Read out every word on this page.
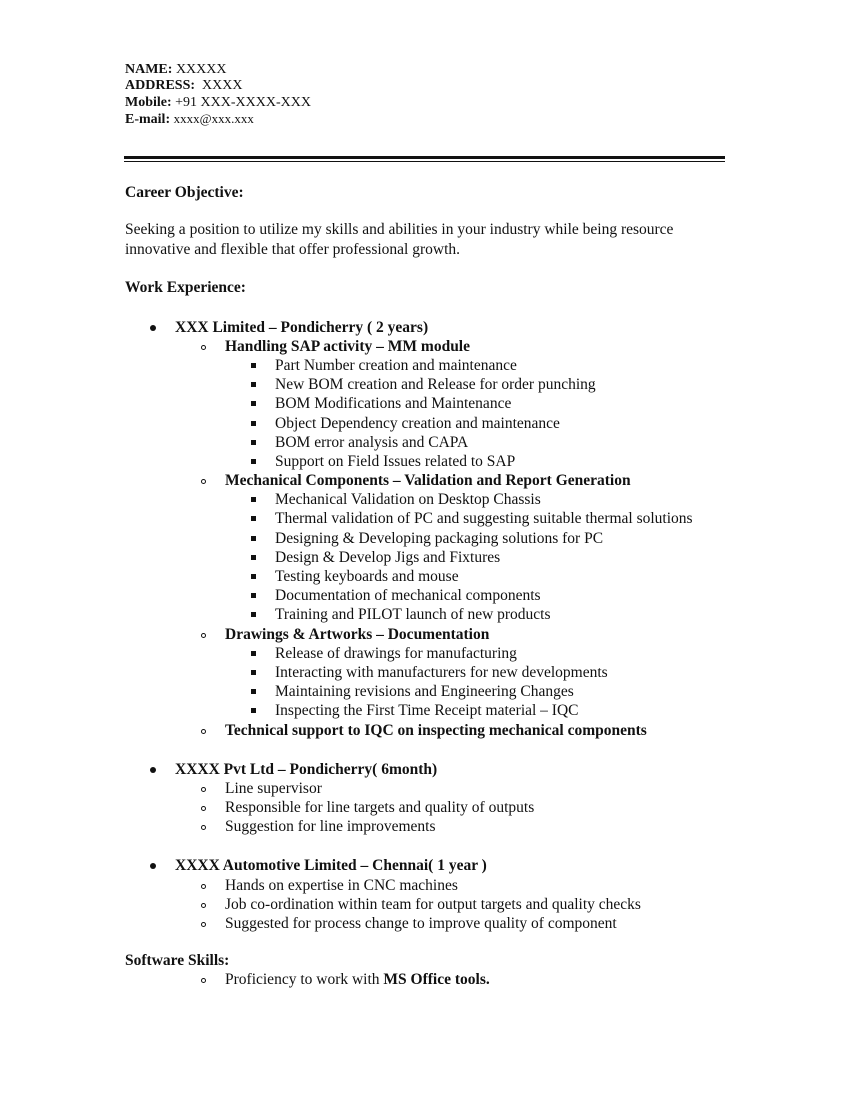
NAME: XXXXX
ADDRESS: XXXX
Mobile: +91 XXX-XXXX-XXX
E-mail: xxxx@xxx.xxx

Career Objective:

Seeking a position to utilize my skills and abilities in your industry while being resource innovative and flexible that offer professional growth.

Work Experience:

XXX Limited – Pondicherry ( 2 years)
Handling SAP activity – MM module
Part Number creation and maintenance
New BOM creation and Release for order punching
BOM Modifications and Maintenance
Object Dependency creation and maintenance
BOM error analysis and CAPA
Support on Field Issues related to SAP
Mechanical Components – Validation and Report Generation
Mechanical Validation on Desktop Chassis
Thermal validation of PC and suggesting suitable thermal solutions
Designing & Developing packaging solutions for PC
Design & Develop Jigs and Fixtures
Testing keyboards and mouse
Documentation of mechanical components
Training and PILOT launch of new products
Drawings & Artworks – Documentation
Release of drawings for manufacturing
Interacting with manufacturers for new developments
Maintaining revisions and Engineering Changes
Inspecting the First Time Receipt material – IQC
Technical support to IQC on inspecting mechanical components
XXXX Pvt Ltd – Pondicherry( 6month)
Line supervisor
Responsible for line targets and quality of outputs
Suggestion for line improvements
XXXX Automotive Limited – Chennai( 1 year )
Hands on expertise in CNC machines
Job co-ordination within team for output targets and quality checks
Suggested for process change to improve quality of component

Software Skills:

Proficiency to work with MS Office tools.
